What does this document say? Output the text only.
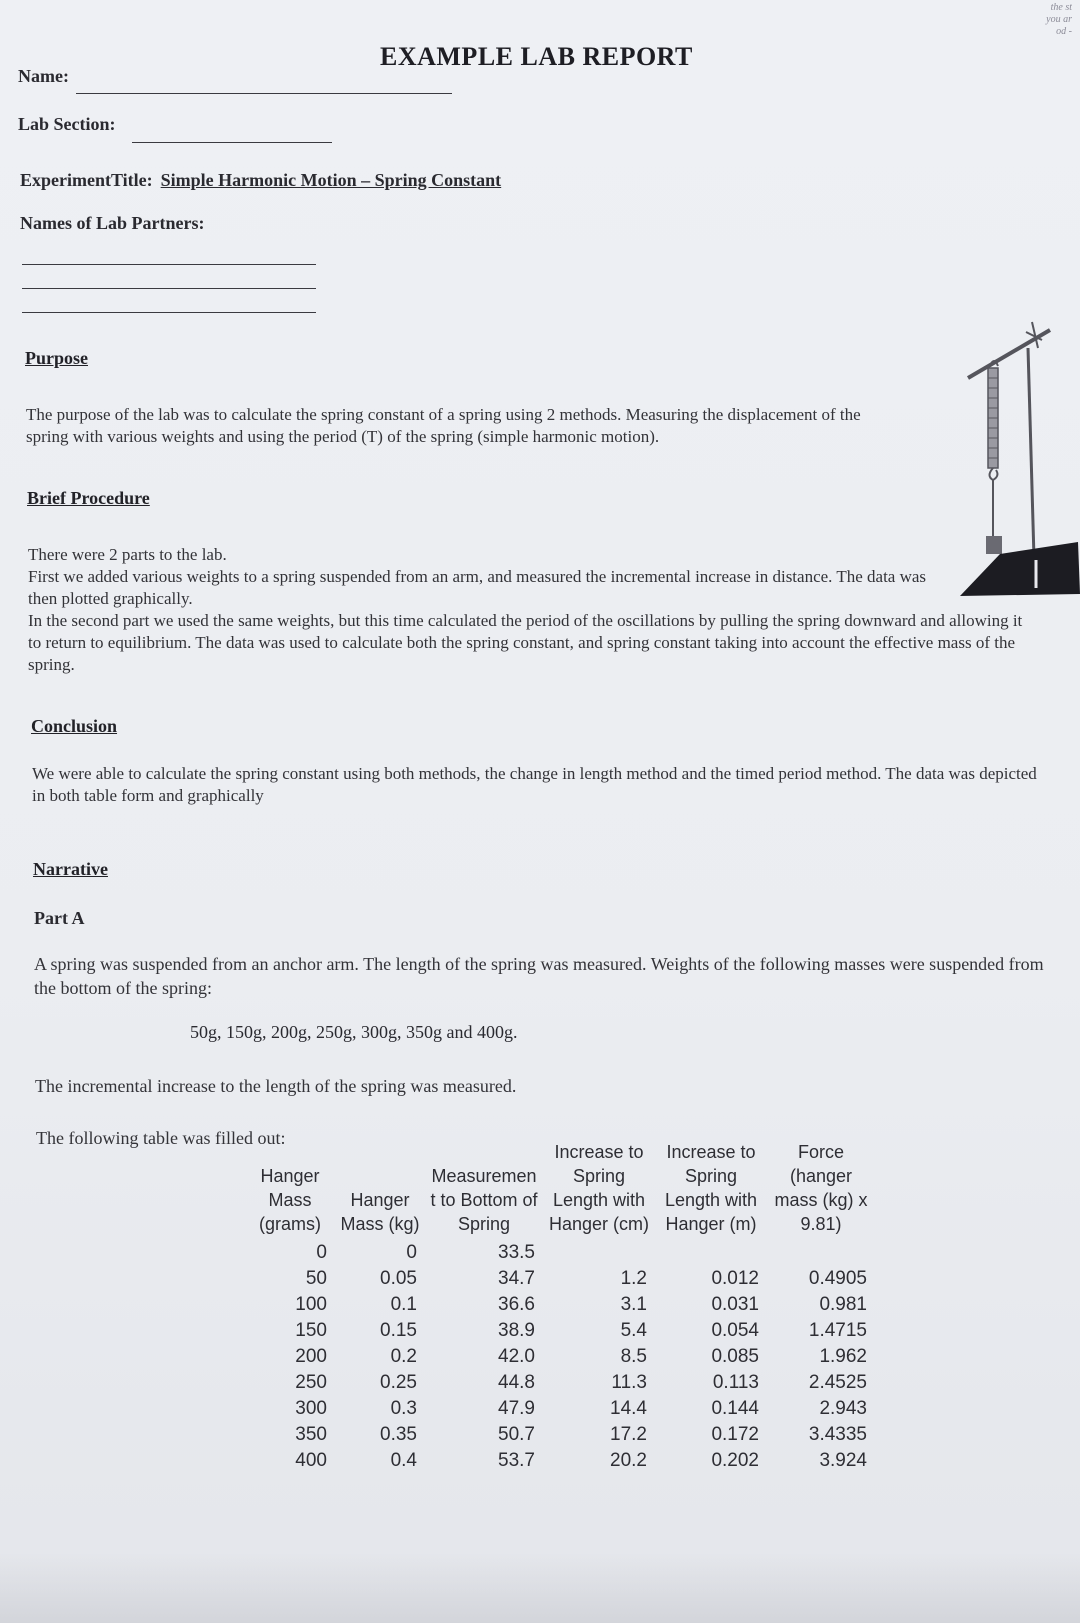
the st
you ar
od -
EXAMPLE LAB REPORT
Name:
Lab Section:
ExperimentTitle: Simple Harmonic Motion – Spring Constant
Names of Lab Partners:
Purpose

The purpose of the lab was to calculate the spring constant of a spring using 2 methods. Measuring the displacement of the spring with various weights and using the period (T) of the spring (simple harmonic motion).

Brief Procedure

There were 2 parts to the lab.

First we added various weights to a spring suspended from an arm, and measured the incremental increase in distance. The data was then plotted graphically.

In the second part we used the same weights, but this time calculated the period of the oscillations by pulling the spring downward and allowing it to return to equilibrium. The data was used to calculate both the spring constant, and spring constant taking into account the effective mass of the spring.

Conclusion

We were able to calculate the spring constant using both methods, the change in length method and the timed period method. The data was depicted in both table form and graphically

Narrative
Part A

A spring was suspended from an anchor arm. The length of the spring was measured. Weights of the following masses were suspended from the bottom of the spring:

50g, 150g, 200g, 250g, 300g, 350g and 400g.

The incremental increase to the length of the spring was measured.

The following table was filled out:

Hanger Mass (grams)	Hanger Mass (kg)	Measuremen t to Bottom of Spring	Increase to Spring Length with Hanger (cm)	Increase to Spring Length with Hanger (m)	Force (hanger mass (kg) x 9.81)
0	0	33.5			
50	0.05	34.7	1.2	0.012	0.4905
100	0.1	36.6	3.1	0.031	0.981
150	0.15	38.9	5.4	0.054	1.4715
200	0.2	42.0	8.5	0.085	1.962
250	0.25	44.8	11.3	0.113	2.4525
300	0.3	47.9	14.4	0.144	2.943
350	0.35	50.7	17.2	0.172	3.4335
400	0.4	53.7	20.2	0.202	3.924
